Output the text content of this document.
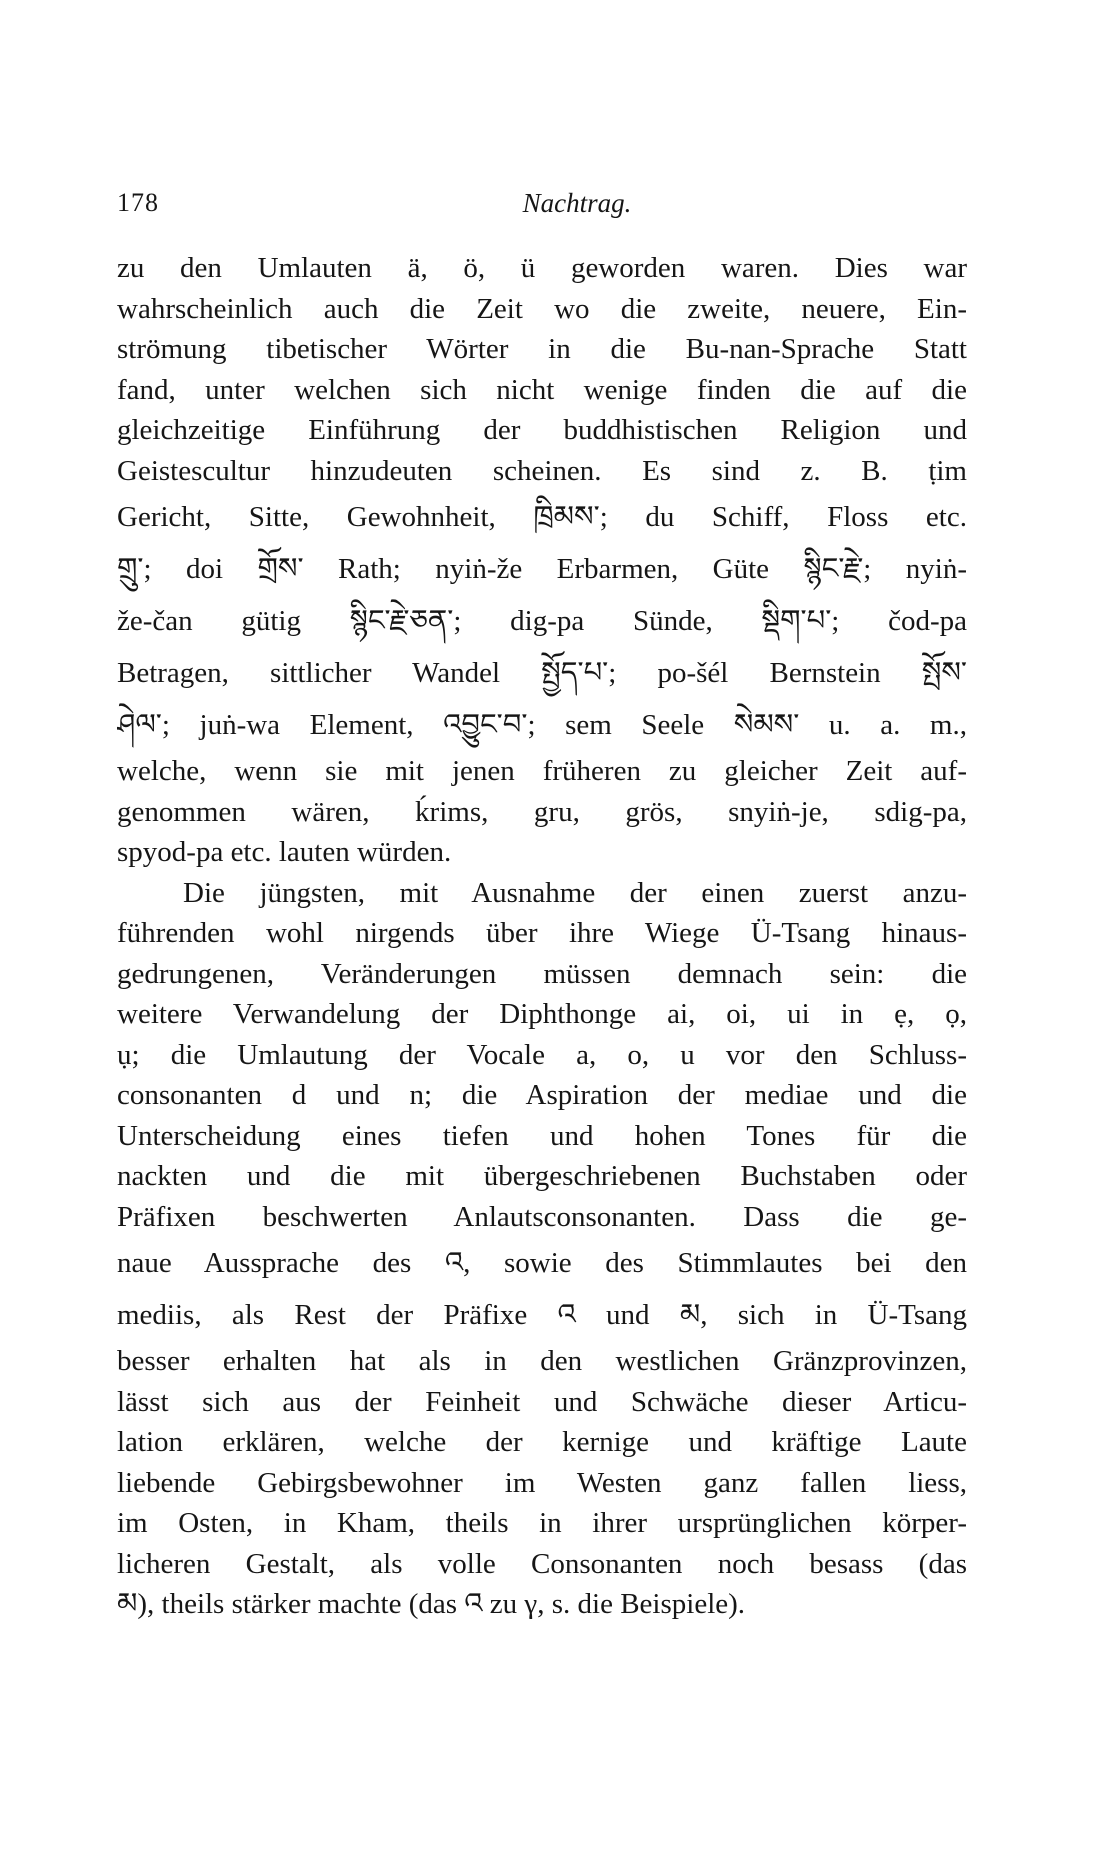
178	Nachtrag.
zu den Umlauten ä, ö, ü geworden waren. Dies war
wahrscheinlich auch die Zeit wo die zweite, neuere, Ein-
strömung tibetischer Wörter in die Bu-nan-Sprache Statt
fand, unter welchen sich nicht wenige finden die auf die
gleichzeitige Einführung der buddhistischen Religion und
Geistescultur hinzudeuten scheinen. Es sind z. B. ṭim
Gericht, Sitte, Gewohnheit, ཁྲིམས་; du Schiff, Floss etc.
གྲུ་; doi གྲོས་ Rath; nyiṅ-že Erbarmen, Güte སྙིང་རྗེ་; nyiṅ-
že-čan gütig སྙིང་རྗེ་ཅན་; dig-pa Sünde, སྡིག་པ་; čod-pa
Betragen, sittlicher Wandel སྤྱོད་པ་; po-šél Bernstein སྤོས་
ཤེལ་; juṅ-wa Element, འབྱུང་བ་; sem Seele སེམས་ u. a. m.,
welche, wenn sie mit jenen früheren zu gleicher Zeit auf-
genommen wären, ḱrims, gru, grös, snyiṅ-je, sdig-pa,
spyod-pa etc. lauten würden.
Die jüngsten, mit Ausnahme der einen zuerst anzu-
führenden wohl nirgends über ihre Wiege Ü-Tsang hinaus-
gedrungenen, Veränderungen müssen demnach sein: die
weitere Verwandelung der Diphthonge ai, oi, ui in ẹ, ọ,
ụ; die Umlautung der Vocale a, o, u vor den Schluss-
consonanten d und n; die Aspiration der mediae und die
Unterscheidung eines tiefen und hohen Tones für die
nackten und die mit übergeschriebenen Buchstaben oder
Präfixen beschwerten Anlautsconsonanten. Dass die ge-
naue Aussprache des འ, sowie des Stimmlautes bei den
mediis, als Rest der Präfixe འ und མ, sich in Ü-Tsang
besser erhalten hat als in den westlichen Gränzprovinzen,
lässt sich aus der Feinheit und Schwäche dieser Articu-
lation erklären, welche der kernige und kräftige Laute
liebende Gebirgsbewohner im Westen ganz fallen liess,
im Osten, in Kham, theils in ihrer ursprünglichen körper-
licheren Gestalt, als volle Consonanten noch besass (das
མ), theils stärker machte (das འ zu γ, s. die Beispiele).
